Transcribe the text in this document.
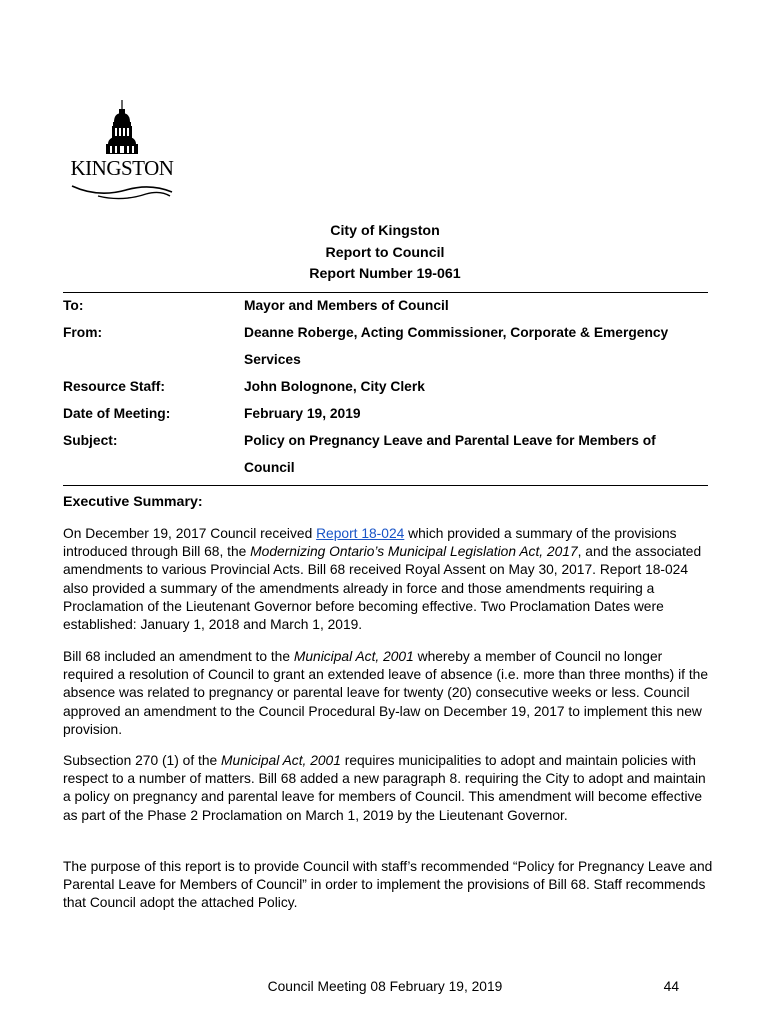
KINGSTON
City of Kingston
Report to Council
Report Number 19-061
To:	Mayor and Members of Council
From:	Deanne Roberge, Acting Commissioner, Corporate & Emergency Services
Resource Staff:	John Bolognone, City Clerk
Date of Meeting:	February 19, 2019
Subject:	Policy on Pregnancy Leave and Parental Leave for Members of Council
Executive Summary:

On December 19, 2017 Council received Report 18-024 which provided a summary of the provisions introduced through Bill 68, the Modernizing Ontario’s Municipal Legislation Act, 2017, and the associated amendments to various Provincial Acts. Bill 68 received Royal Assent on May 30, 2017. Report 18-024 also provided a summary of the amendments already in force and those amendments requiring a Proclamation of the Lieutenant Governor before becoming effective. Two Proclamation Dates were established: January 1, 2018 and March 1, 2019.

Bill 68 included an amendment to the Municipal Act, 2001 whereby a member of Council no longer required a resolution of Council to grant an extended leave of absence (i.e. more than three months) if the absence was related to pregnancy or parental leave for twenty (20) consecutive weeks or less. Council approved an amendment to the Council Procedural By-law on December 19, 2017 to implement this new provision.

Subsection 270 (1) of the Municipal Act, 2001 requires municipalities to adopt and maintain policies with respect to a number of matters. Bill 68 added a new paragraph 8. requiring the City to adopt and maintain a policy on pregnancy and parental leave for members of Council. This amendment will become effective as part of the Phase 2 Proclamation on March 1, 2019 by the Lieutenant Governor.

The purpose of this report is to provide Council with staff’s recommended “Policy for Pregnancy Leave and Parental Leave for Members of Council” in order to implement the provisions of Bill 68. Staff recommends that Council adopt the attached Policy.

Council Meeting 08 February 19, 2019	44
